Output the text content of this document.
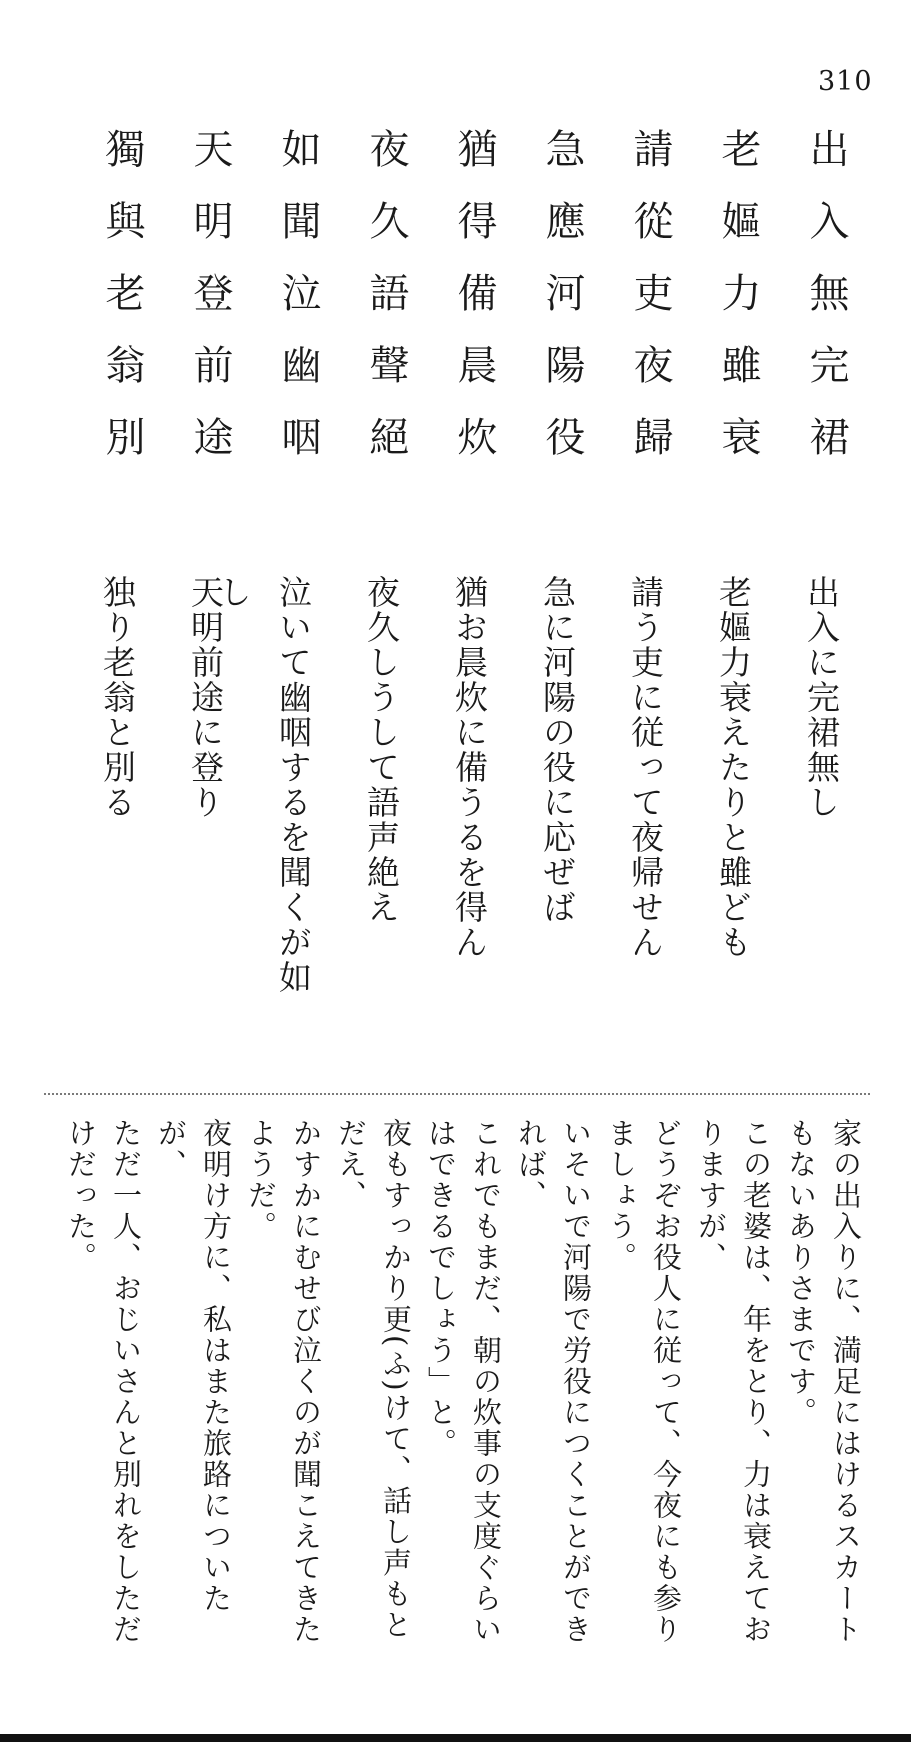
310
出入無完裙
老嫗力雖衰
請從吏夜歸
急應河陽役
猶得備晨炊
夜久語聲絕
如聞泣幽咽
天明登前途
獨與老翁別
出入に完裙無し
老嫗力衰えたりと雖ども
請う吏に従って夜帰せん
急に河陽の役に応ぜば
猶お晨炊に備うるを得ん
夜久しうして語声絶え
泣いて幽咽するを聞くが如し
天明前途に登り
独り老翁と別る
家の出入りに、満足にはけるスカート
もないありさまです。
この老婆は、年をとり、力は衰えてお
りますが、
どうぞお役人に従って、今夜にも参り
ましょう。
いそいで河陽で労役につくことができ
れば、
これでもまだ、朝の炊事の支度ぐらい
はできるでしょう」と。
夜もすっかり更(ふ)けて、話し声もと
だえ、
かすかにむせび泣くのが聞こえてきた
ようだ。
夜明け方に、私はまた旅路についた
が、
ただ一人、おじいさんと別れをしただ
けだった。
